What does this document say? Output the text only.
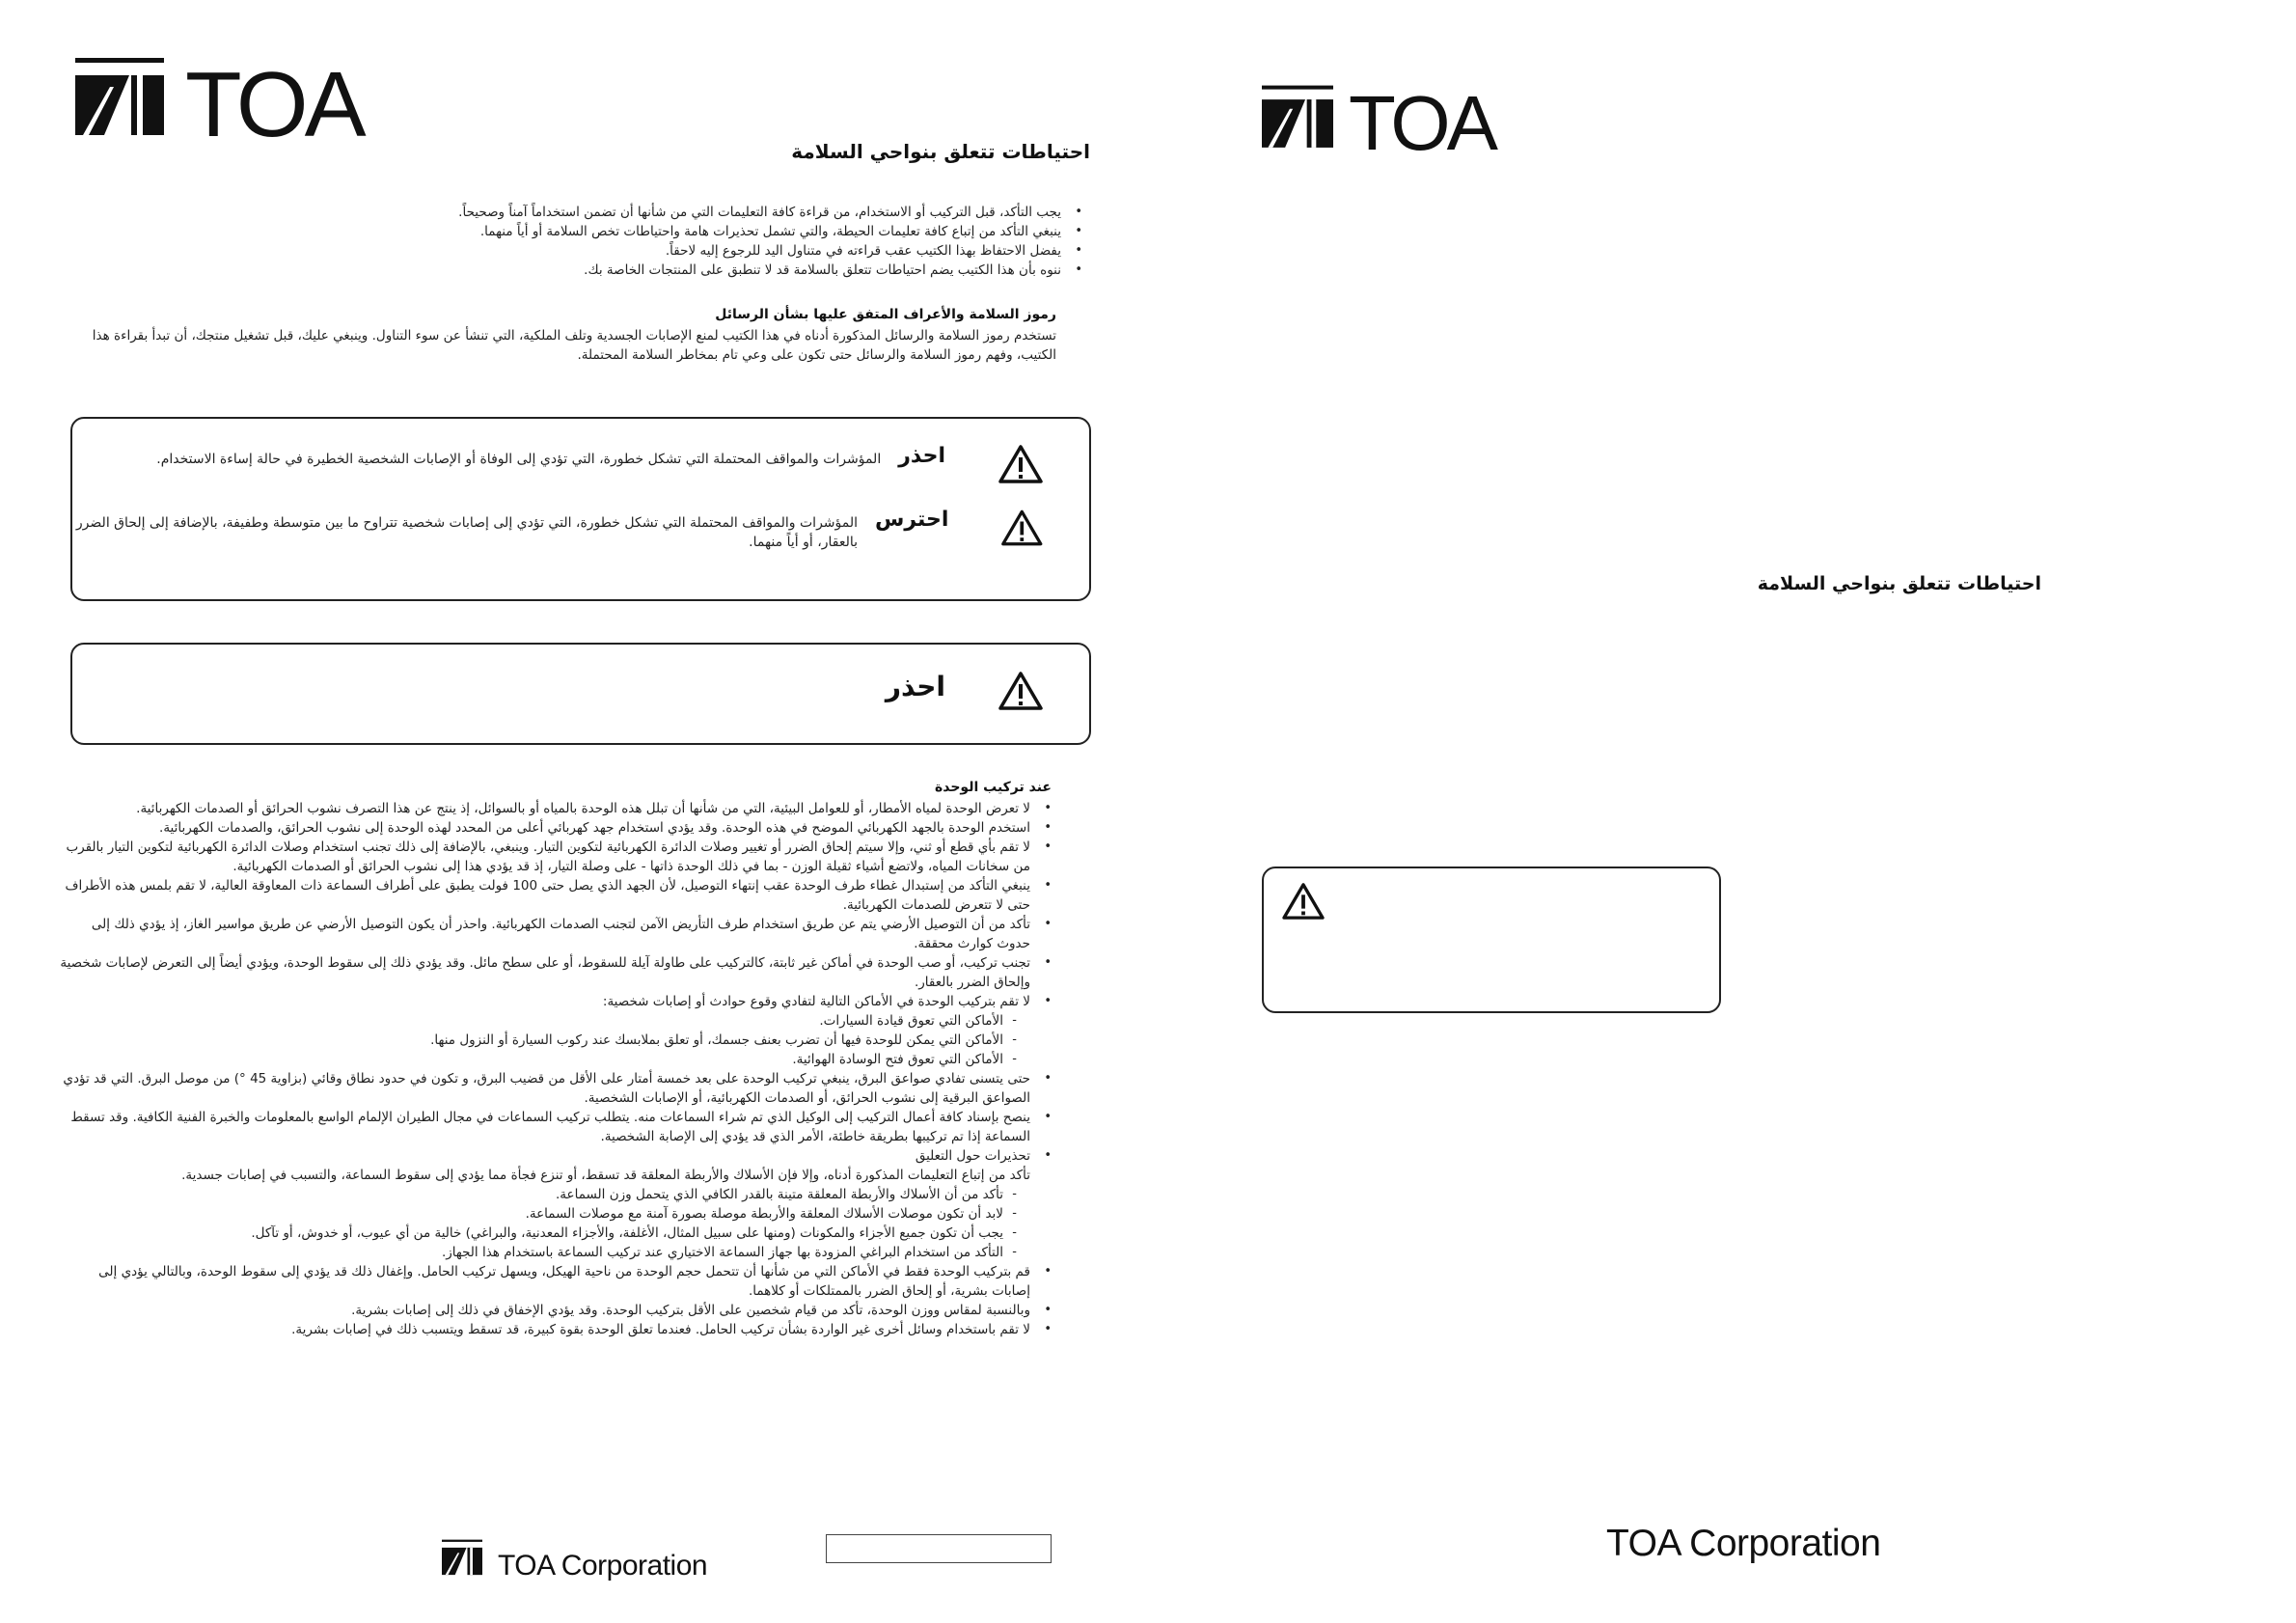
TOA	احتياطات تتعلق بنواحي السلامة
• يجب التأكد، قبل التركيب أو الاستخدام، من قراءة كافة التعليمات التي من شأنها أن تضمن استخداماً آمناً وصحيحاً.
• ينبغي التأكد من إتباع كافة تعليمات الحيطة، والتي تشمل تحذيرات هامة واحتياطات تخص السلامة أو أياً منهما.
• يفضل الاحتفاظ بهذا الكتيب عقب قراءته في متناول اليد للرجوع إليه لاحقاً.
• ننوه بأن هذا الكتيب يضم احتياطات تتعلق بالسلامة قد لا تنطبق على المنتجات الخاصة بك.
رموز السلامة والأعراف المتفق عليها بشأن الرسائل
تستخدم رموز السلامة والرسائل المذكورة أدناه في هذا الكتيب لمنع الإصابات الجسدية وتلف الملكية، التي تنشأ عن سوء التناول. وينبغي عليك، قبل تشغيل منتجك، أن تبدأ بقراءة هذا الكتيب، وفهم رموز السلامة والرسائل حتى تكون على وعي تام بمخاطر السلامة المحتملة.
احذر
المؤشرات والمواقف المحتملة التي تشكل خطورة، التي تؤدي إلى الوفاة أو الإصابات الشخصية الخطيرة في حالة إساءة الاستخدام.
احترس
المؤشرات والمواقف المحتملة التي تشكل خطورة، التي تؤدي إلى إصابات شخصية تتراوح ما بين متوسطة وطفيفة، بالإضافة إلى إلحاق الضرر بالعقار، أو أياً منهما.
احذر
عند تركيب الوحدة
• لا تعرض الوحدة لمياه الأمطار، أو للعوامل البيئية، التي من شأنها أن تبلل هذه الوحدة بالمياه أو بالسوائل، إذ ينتج عن هذا التصرف نشوب الحرائق أو الصدمات الكهربائية.
• استخدم الوحدة بالجهد الكهربائي الموضح في هذه الوحدة. وقد يؤدي استخدام جهد كهربائي أعلى من المحدد لهذه الوحدة إلى نشوب الحرائق، والصدمات الكهربائية.
• لا تقم بأي قطع أو ثني، وإلا سيتم إلحاق الضرر أو تغيير وصلات الدائرة الكهربائية لتكوين التيار. وينبغي، بالإضافة إلى ذلك تجنب استخدام وصلات الدائرة الكهربائية لتكوين التيار بالقرب من سخانات المياه، ولاتضع أشياء ثقيلة الوزن - بما في ذلك الوحدة ذاتها - على وصلة التيار، إذ قد يؤدي هذا إلى نشوب الحرائق أو الصدمات الكهربائية.
• ينبغي التأكد من إستبدال غطاء طرف الوحدة عقب إنتهاء التوصيل، لأن الجهد الذي يصل حتى 100 فولت يطبق على أطراف السماعة ذات المعاوقة العالية، لا تقم بلمس هذه الأطراف حتى لا تتعرض للصدمات الكهربائية.
• تأكد من أن التوصيل الأرضي يتم عن طريق استخدام طرف التأريض الآمن لتجنب الصدمات الكهربائية. واحذر أن يكون التوصيل الأرضي عن طريق مواسير الغاز، إذ يؤدي ذلك إلى حدوث كوارث محققة.
• تجنب تركيب، أو صب الوحدة في أماكن غير ثابتة، كالتركيب على طاولة آيلة للسقوط، أو على سطح مائل. وقد يؤدي ذلك إلى سقوط الوحدة، ويؤدي أيضاً إلى التعرض لإصابات شخصية وإلحاق الضرر بالعقار.
• لا تقم بتركيب الوحدة في الأماكن التالية لتفادي وقوع حوادث أو إصابات شخصية:
- الأماكن التي تعوق قيادة السيارات.
- الأماكن التي يمكن للوحدة فيها أن تضرب بعنف جسمك، أو تعلق بملابسك عند ركوب السيارة أو النزول منها.
- الأماكن التي تعوق فتح الوسادة الهوائية.
• حتى يتسنى تفادي صواعق البرق، ينبغي تركيب الوحدة على بعد خمسة أمتار على الأقل من قضيب البرق، و تكون في حدود نطاق وقائي (بزاوية 45 °) من موصل البرق. التي قد تؤدي الصواعق البرقية إلى نشوب الحرائق، أو الصدمات الكهربائية، أو الإصابات الشخصية.
• ينصح بإسناد كافة أعمال التركيب إلى الوكيل الذي تم شراء السماعات منه. يتطلب تركيب السماعات في مجال الطيران الإلمام الواسع بالمعلومات والخبرة الفنية الكافية. وقد تسقط السماعة إذا تم تركيبها بطريقة خاطئة، الأمر الذي قد يؤدي إلى الإصابة الشخصية.
• تحذيرات حول التعليق
تأكد من إتباع التعليمات المذكورة أدناه، وإلا فإن الأسلاك والأربطة المعلقة قد تسقط، أو تنزع فجأة مما يؤدي إلى سقوط السماعة، والتسبب في إصابات جسدية.
- تأكد من أن الأسلاك والأربطة المعلقة متينة بالقدر الكافي الذي يتحمل وزن السماعة.
- لابد أن تكون موصلات الأسلاك المعلقة والأربطة موصلة بصورة آمنة مع موصلات السماعة.
- يجب أن تكون جميع الأجزاء والمكونات (ومنها على سبيل المثال، الأغلفة، والأجزاء المعدنية، والبراغي) خالية من أي عيوب، أو خدوش، أو تآكل.
- التأكد من استخدام البراغي المزودة بها جهاز السماعة الاختياري عند تركيب السماعة باستخدام هذا الجهاز.
• قم بتركيب الوحدة فقط في الأماكن التي من شأنها أن تتحمل حجم الوحدة من ناحية الهيكل، ويسهل تركيب الحامل. وإغفال ذلك قد يؤدي إلى سقوط الوحدة، وبالتالي يؤدي إلى إصابات بشرية، أو إلحاق الضرر بالممتلكات أو كلاهما.
• وبالنسبة لمقاس ووزن الوحدة، تأكد من قيام شخصين على الأقل بتركيب الوحدة. وقد يؤدي الإخفاق في ذلك إلى إصابات بشرية.
• لا تقم باستخدام وسائل أخرى غير الواردة بشأن تركيب الحامل. فعندما تعلق الوحدة بقوة كبيرة، قد تسقط ويتسبب ذلك في إصابات بشرية.
TOA Corporation
TOA
احتياطات تتعلق بنواحي السلامة
TOA Corporation
